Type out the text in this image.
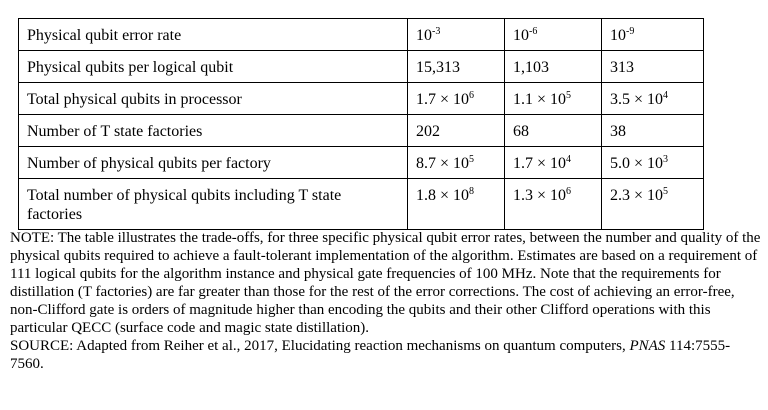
Physical qubit error rate	$10^{-3}$	$10^{-6}$	$10^{-9}$
Physical qubits per logical qubit	15,313	1,103	313
Total physical qubits in processor	$1.7 \times 10^6$	$1.1 \times 10^5$	$3.5 \times 10^4$
Number of T state factories	202	68	38
Number of physical qubits per factory	$8.7 \times 10^5$	$1.7 \times 10^4$	$5.0 \times 10^3$
Total number of physical qubits including T state factories	$1.8 \times 10^8$	$1.3 \times 10^6$	$2.3 \times 10^5$

NOTE: The table illustrates the trade-offs, for three specific physical qubit error rates, between the number and quality of the physical qubits required to achieve a fault-tolerant implementation of the algorithm. Estimates are based on a requirement of 111 logical qubits for the algorithm instance and physical gate frequencies of 100 MHz. Note that the requirements for distillation (T factories) are far greater than those for the rest of the error corrections. The cost of achieving an error-free, non-Clifford gate is orders of magnitude higher than encoding the qubits and their other Clifford operations with this particular QECC (surface code and magic state distillation).

SOURCE: Adapted from Reiher et al., 2017, Elucidating reaction mechanisms on quantum computers, PNAS 114:7555-7560.
